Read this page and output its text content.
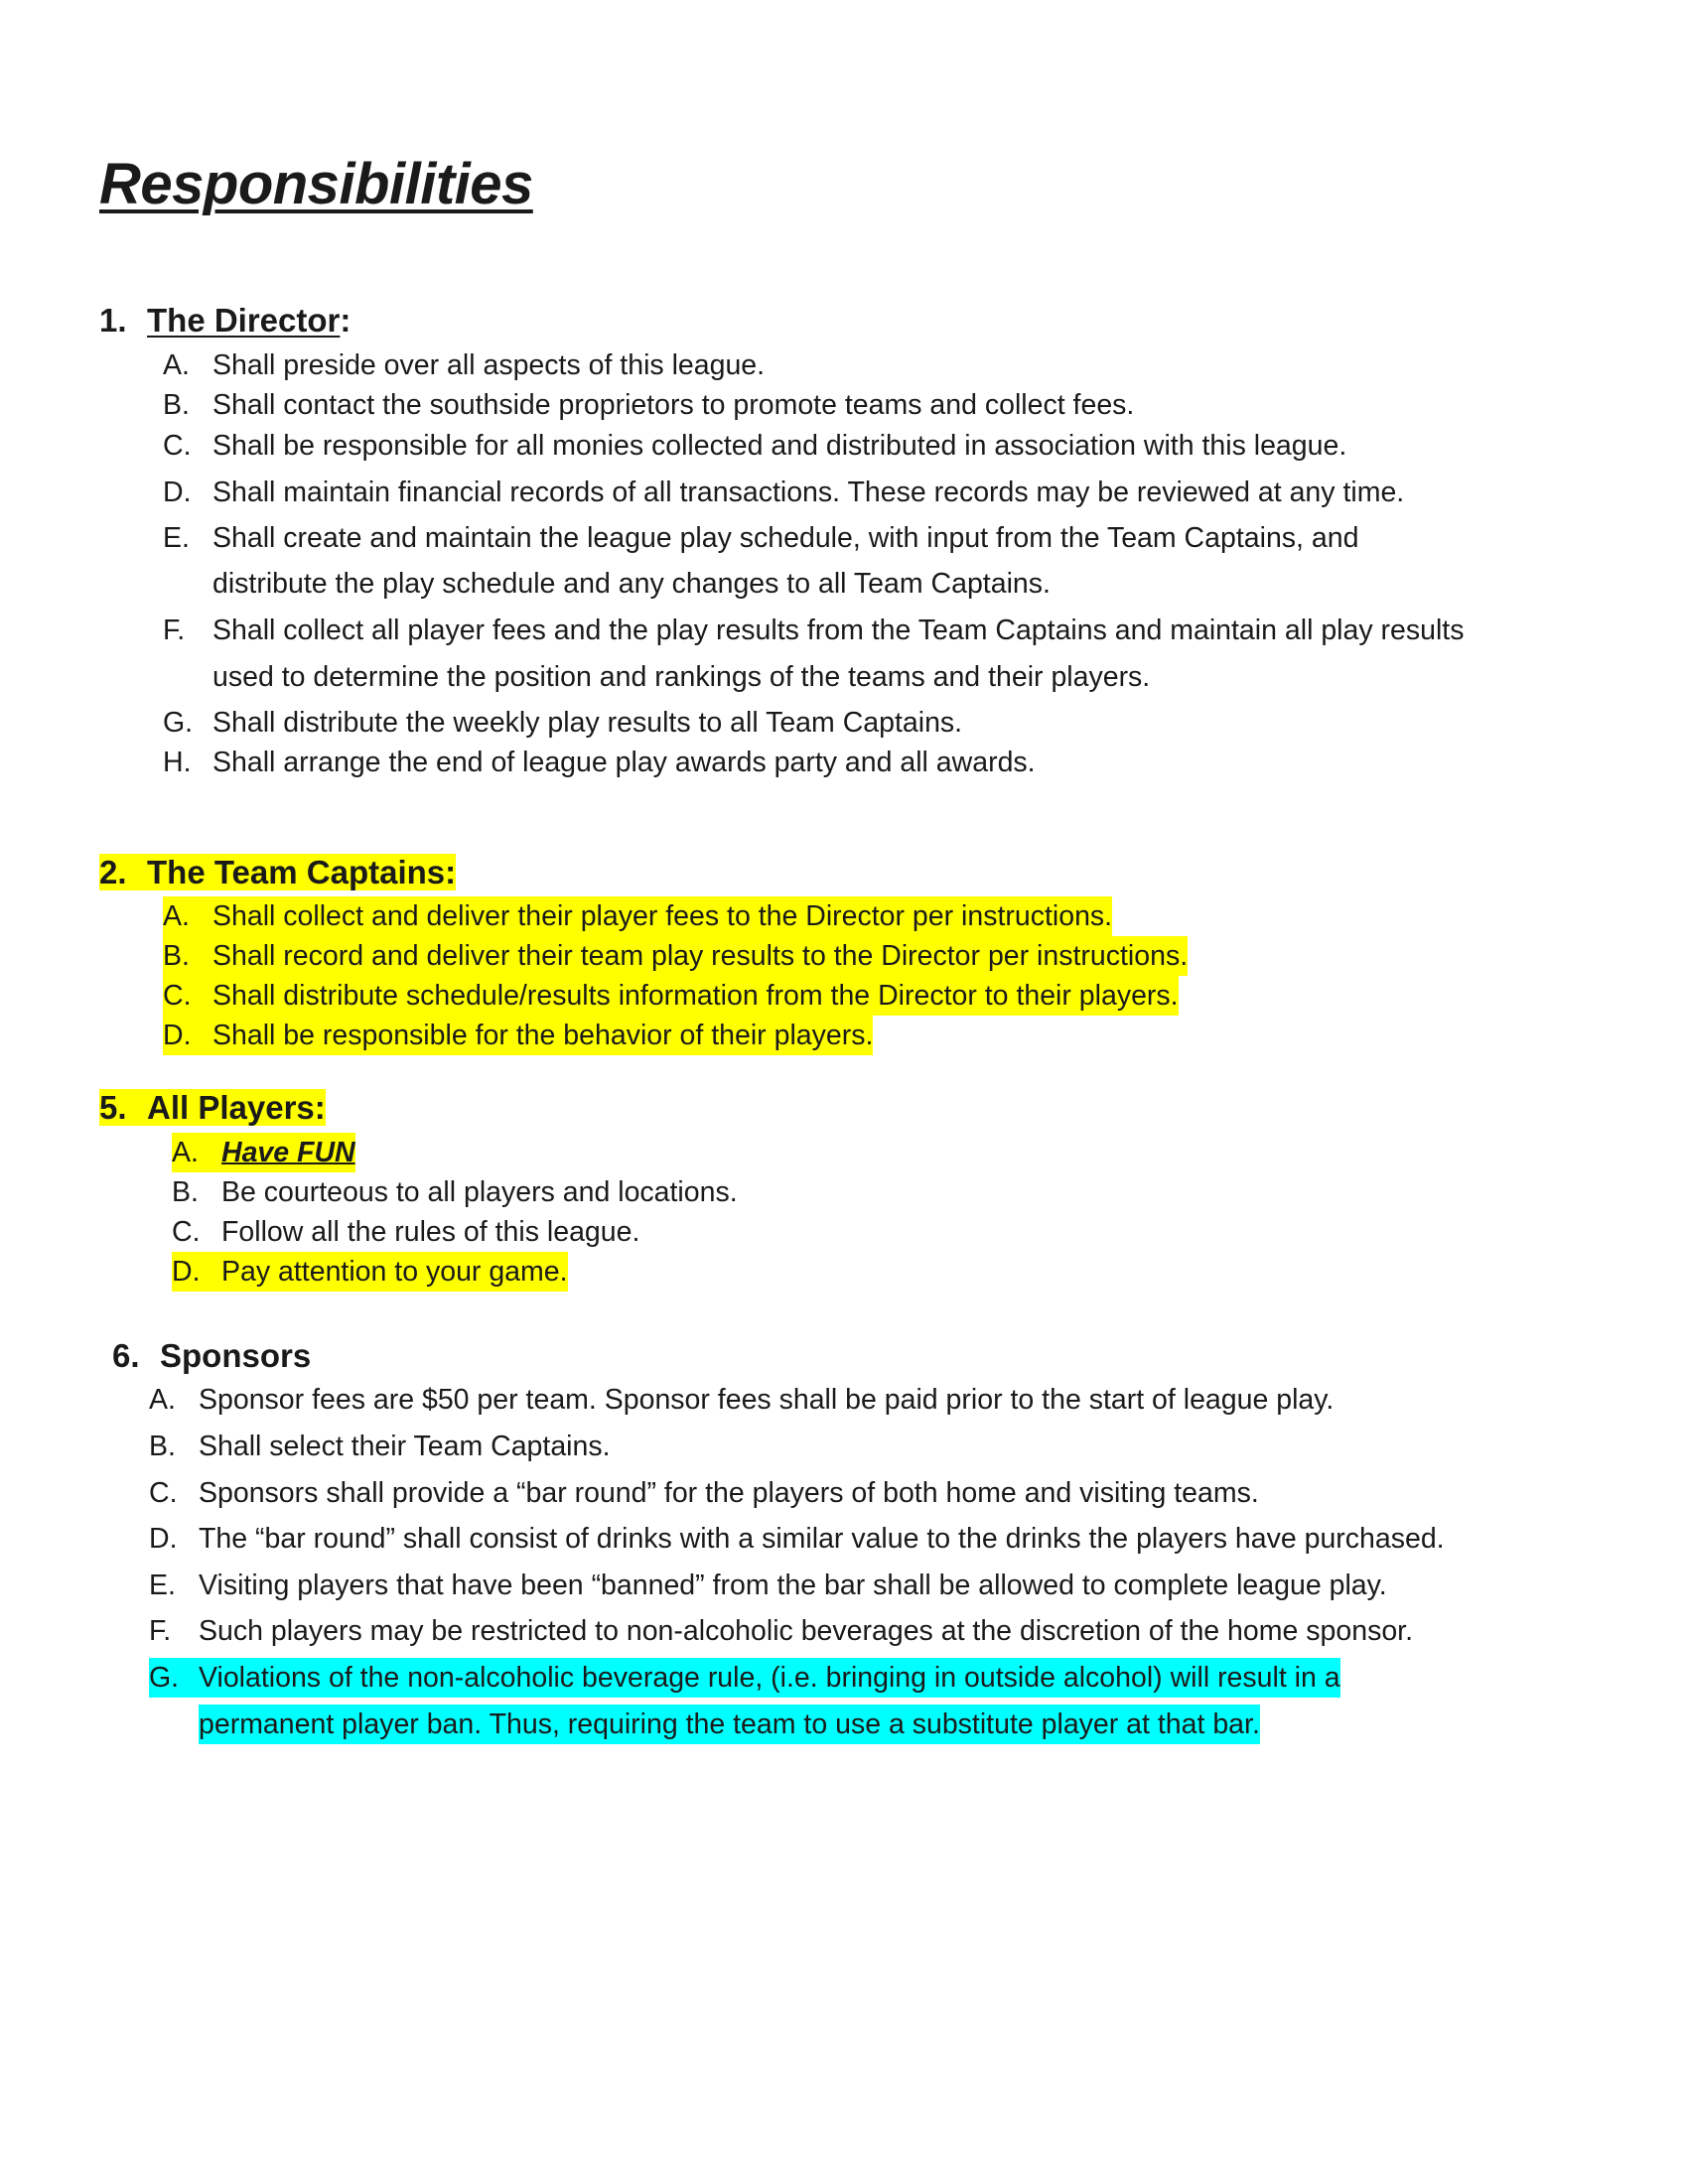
Responsibilities
1. The Director:
A. Shall preside over all aspects of this league.
B. Shall contact the southside proprietors to promote teams and collect fees.
C. Shall be responsible for all monies collected and distributed in association with this league.
D. Shall maintain financial records of all transactions. These records may be reviewed at any time.
E. Shall create and maintain the league play schedule, with input from the Team Captains, and
distribute the play schedule and any changes to all Team Captains.
F. Shall collect all player fees and the play results from the Team Captains and maintain all play results
used to determine the position and rankings of the teams and their players.
G. Shall distribute the weekly play results to all Team Captains.
H. Shall arrange the end of league play awards party and all awards.
2. The Team Captains:
A. Shall collect and deliver their player fees to the Director per instructions.
B. Shall record and deliver their team play results to the Director per instructions.
C. Shall distribute schedule/results information from the Director to their players.
D. Shall be responsible for the behavior of their players.
5. All Players:
A. Have FUN
B. Be courteous to all players and locations.
C. Follow all the rules of this league.
D. Pay attention to your game.
6. Sponsors
A. Sponsor fees are $50 per team. Sponsor fees shall be paid prior to the start of league play.
B. Shall select their Team Captains.
C. Sponsors shall provide a “bar round” for the players of both home and visiting teams.
D. The “bar round” shall consist of drinks with a similar value to the drinks the players have purchased.
E. Visiting players that have been “banned” from the bar shall be allowed to complete league play.
F. Such players may be restricted to non-alcoholic beverages at the discretion of the home sponsor.
G. Violations of the non-alcoholic beverage rule, (i.e. bringing in outside alcohol) will result in a
permanent player ban. Thus, requiring the team to use a substitute player at that bar.
